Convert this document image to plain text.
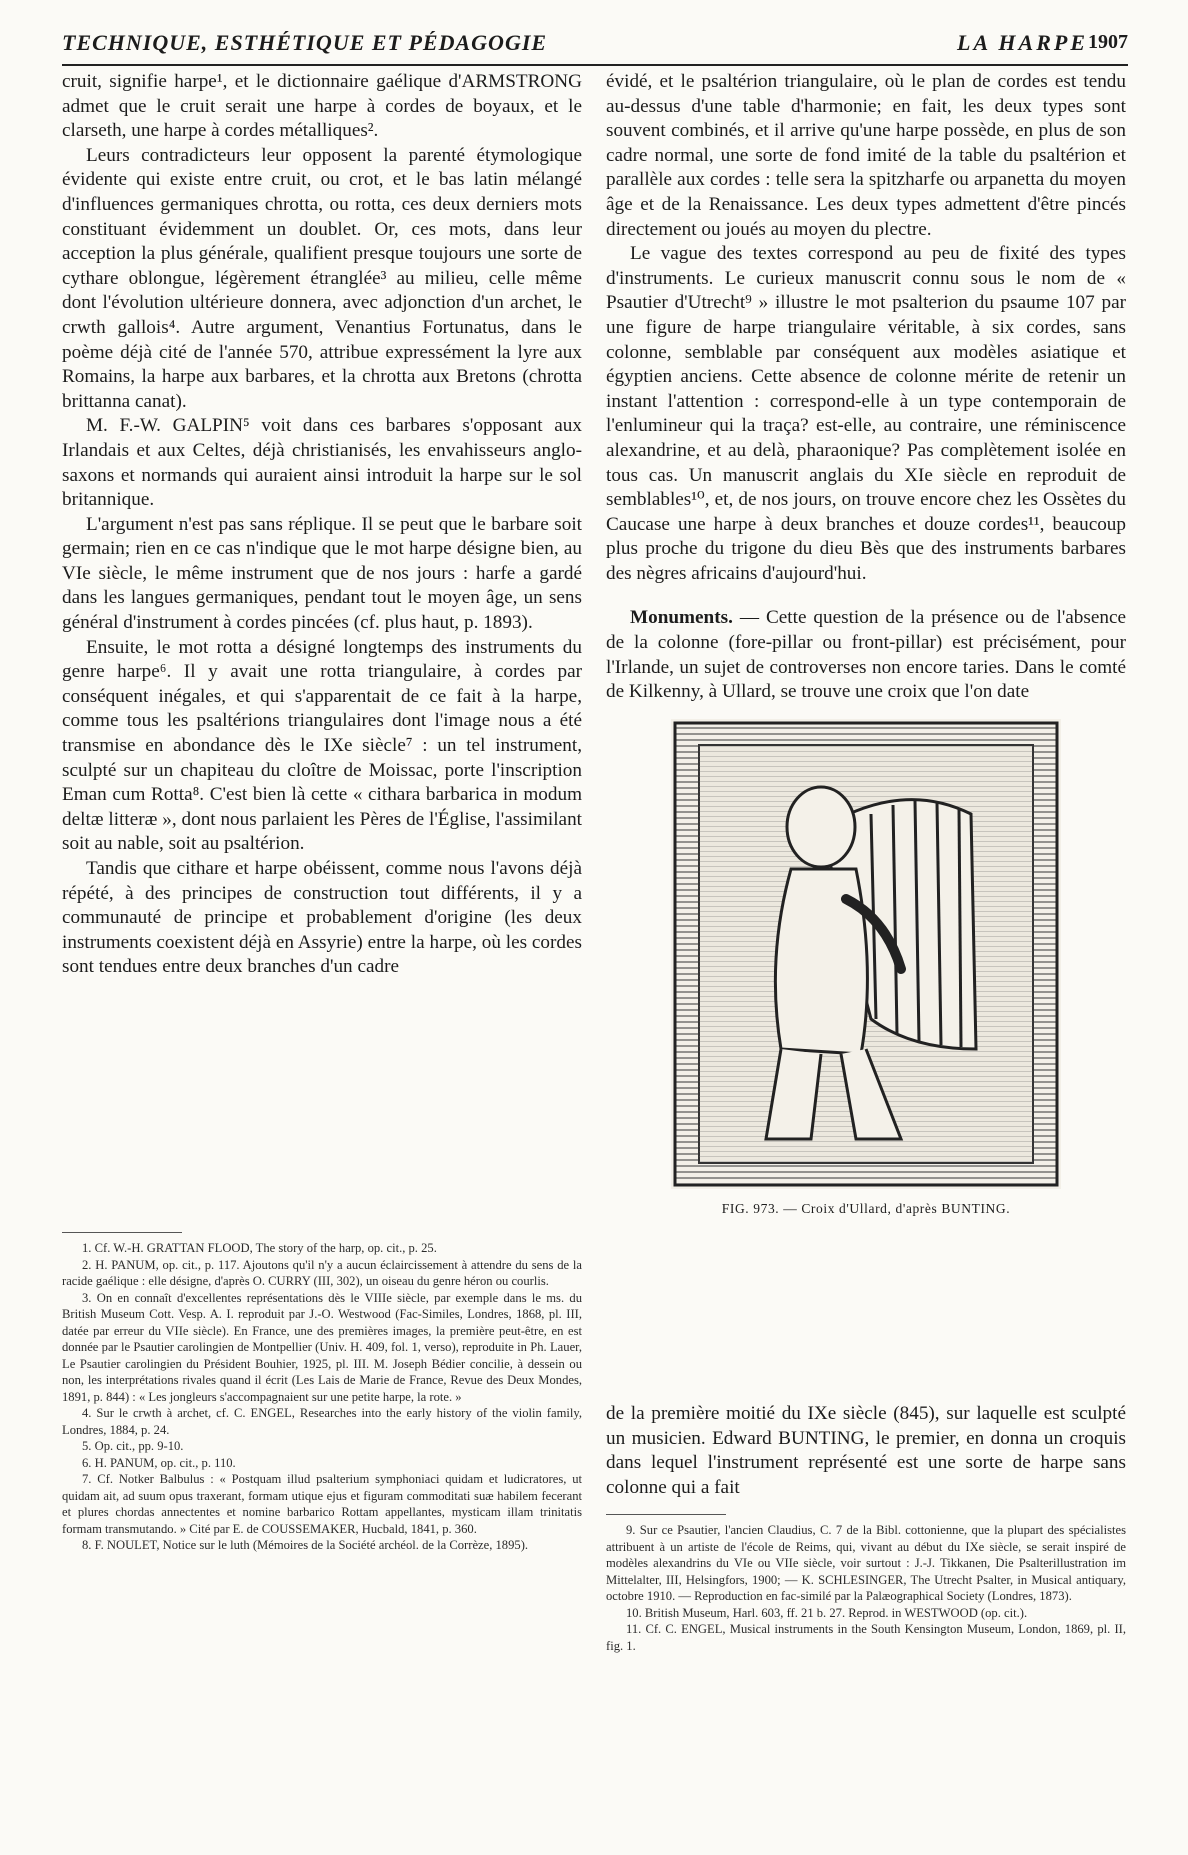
TECHNIQUE, ESTHÉTIQUE ET PÉDAGOGIE	LA HARPE 1907

cruit, signifie harpe¹, et le dictionnaire gaélique d'ARMSTRONG admet que le cruit serait une harpe à cordes de boyaux, et le clarseth, une harpe à cordes métalliques².

Leurs contradicteurs leur opposent la parenté étymologique évidente qui existe entre cruit, ou crot, et le bas latin mélangé d'influences germaniques chrotta, ou rotta, ces deux derniers mots constituant évidemment un doublet. Or, ces mots, dans leur acception la plus générale, qualifient presque toujours une sorte de cythare oblongue, légèrement étranglée³ au milieu, celle même dont l'évolution ultérieure donnera, avec adjonction d'un archet, le crwth gallois⁴. Autre argument, Venantius Fortunatus, dans le poème déjà cité de l'année 570, attribue expressément la lyre aux Romains, la harpe aux barbares, et la chrotta aux Bretons (chrotta brittanna canat).

M. F.-W. GALPIN⁵ voit dans ces barbares s'opposant aux Irlandais et aux Celtes, déjà christianisés, les envahisseurs anglo-saxons et normands qui auraient ainsi introduit la harpe sur le sol britannique.

L'argument n'est pas sans réplique. Il se peut que le barbare soit germain; rien en ce cas n'indique que le mot harpe désigne bien, au VIe siècle, le même instrument que de nos jours : harfe a gardé dans les langues germaniques, pendant tout le moyen âge, un sens général d'instrument à cordes pincées (cf. plus haut, p. 1893).

Ensuite, le mot rotta a désigné longtemps des instruments du genre harpe⁶. Il y avait une rotta triangulaire, à cordes par conséquent inégales, et qui s'apparentait de ce fait à la harpe, comme tous les psaltérions triangulaires dont l'image nous a été transmise en abondance dès le IXe siècle⁷ : un tel instrument, sculpté sur un chapiteau du cloître de Moissac, porte l'inscription Eman cum Rotta⁸. C'est bien là cette « cithara barbarica in modum deltæ litteræ », dont nous parlaient les Pères de l'Église, l'assimilant soit au nable, soit au psaltérion.

Tandis que cithare et harpe obéissent, comme nous l'avons déjà répété, à des principes de construction tout différents, il y a communauté de principe et probablement d'origine (les deux instruments coexistent déjà en Assyrie) entre la harpe, où les cordes sont tendues entre deux branches d'un cadre

évidé, et le psaltérion triangulaire, où le plan de cordes est tendu au-dessus d'une table d'harmonie; en fait, les deux types sont souvent combinés, et il arrive qu'une harpe possède, en plus de son cadre normal, une sorte de fond imité de la table du psaltérion et parallèle aux cordes : telle sera la spitzharfe ou arpanetta du moyen âge et de la Renaissance. Les deux types admettent d'être pincés directement ou joués au moyen du plectre.

Le vague des textes correspond au peu de fixité des types d'instruments. Le curieux manuscrit connu sous le nom de « Psautier d'Utrecht⁹ » illustre le mot psalterion du psaume 107 par une figure de harpe triangulaire véritable, à six cordes, sans colonne, semblable par conséquent aux modèles asiatique et égyptien anciens. Cette absence de colonne mérite de retenir un instant l'attention : correspond-elle à un type contemporain de l'enlumineur qui la traça? est-elle, au contraire, une réminiscence alexandrine, et au delà, pharaonique? Pas complètement isolée en tous cas. Un manuscrit anglais du XIe siècle en reproduit de semblables¹⁰, et, de nos jours, on trouve encore chez les Ossètes du Caucase une harpe à deux branches et douze cordes¹¹, beaucoup plus proche du trigone du dieu Bès que des instruments barbares des nègres africains d'aujourd'hui.

Monuments. — Cette question de la présence ou de l'absence de la colonne (fore-pillar ou front-pillar) est précisément, pour l'Irlande, un sujet de controverses non encore taries. Dans le comté de Kilkenny, à Ullard, se trouve une croix que l'on date

FIG. 973. — Croix d'Ullard, d'après BUNTING.

de la première moitié du IXe siècle (845), sur laquelle est sculpté un musicien. Edward BUNTING, le premier, en donna un croquis dans lequel l'instrument représenté est une sorte de harpe sans colonne qui a fait

1. Cf. W.-H. GRATTAN FLOOD, The story of the harp, op. cit., p. 25.

2. H. PANUM, op. cit., p. 117. Ajoutons qu'il n'y a aucun éclaircissement à attendre du sens de la racide gaélique : elle désigne, d'après O. CURRY (III, 302), un oiseau du genre héron ou courlis.

3. On en connaît d'excellentes représentations dès le VIIIe siècle, par exemple dans le ms. du British Museum Cott. Vesp. A. I. reproduit par J.-O. Westwood (Fac-Similes, Londres, 1868, pl. III, datée par erreur du VIIe siècle). En France, une des premières images, la première peut-être, en est donnée par le Psautier carolingien de Montpellier (Univ. H. 409, fol. 1, verso), reproduite in Ph. Lauer, Le Psautier carolingien du Président Bouhier, 1925, pl. III. M. Joseph Bédier concilie, à dessein ou non, les interprétations rivales quand il écrit (Les Lais de Marie de France, Revue des Deux Mondes, 1891, p. 844) : « Les jongleurs s'accompagnaient sur une petite harpe, la rote. »

4. Sur le crwth à archet, cf. C. ENGEL, Researches into the early history of the violin family, Londres, 1884, p. 24.

5. Op. cit., pp. 9-10.

6. H. PANUM, op. cit., p. 110.

7. Cf. Notker Balbulus : « Postquam illud psalterium symphoniaci quidam et ludicratores, ut quidam ait, ad suum opus traxerant, formam utique ejus et figuram commoditati suæ habilem fecerant et plures chordas annectentes et nomine barbarico Rottam appellantes, mysticam illam trinitatis formam transmutando. » Cité par E. de COUSSEMAKER, Hucbald, 1841, p. 360.

8. F. NOULET, Notice sur le luth (Mémoires de la Société archéol. de la Corrèze, 1895).

9. Sur ce Psautier, l'ancien Claudius, C. 7 de la Bibl. cottonienne, que la plupart des spécialistes attribuent à un artiste de l'école de Reims, qui, vivant au début du IXe siècle, se serait inspiré de modèles alexandrins du VIe ou VIIe siècle, voir surtout : J.-J. Tikkanen, Die Psalterillustration im Mittelalter, III, Helsingfors, 1900; — K. SCHLESINGER, The Utrecht Psalter, in Musical antiquary, octobre 1910. — Reproduction en fac-similé par la Palæographical Society (Londres, 1873).

10. British Museum, Harl. 603, ff. 21 b. 27. Reprod. in WESTWOOD (op. cit.).

11. Cf. C. ENGEL, Musical instruments in the South Kensington Museum, London, 1869, pl. II, fig. 1.
